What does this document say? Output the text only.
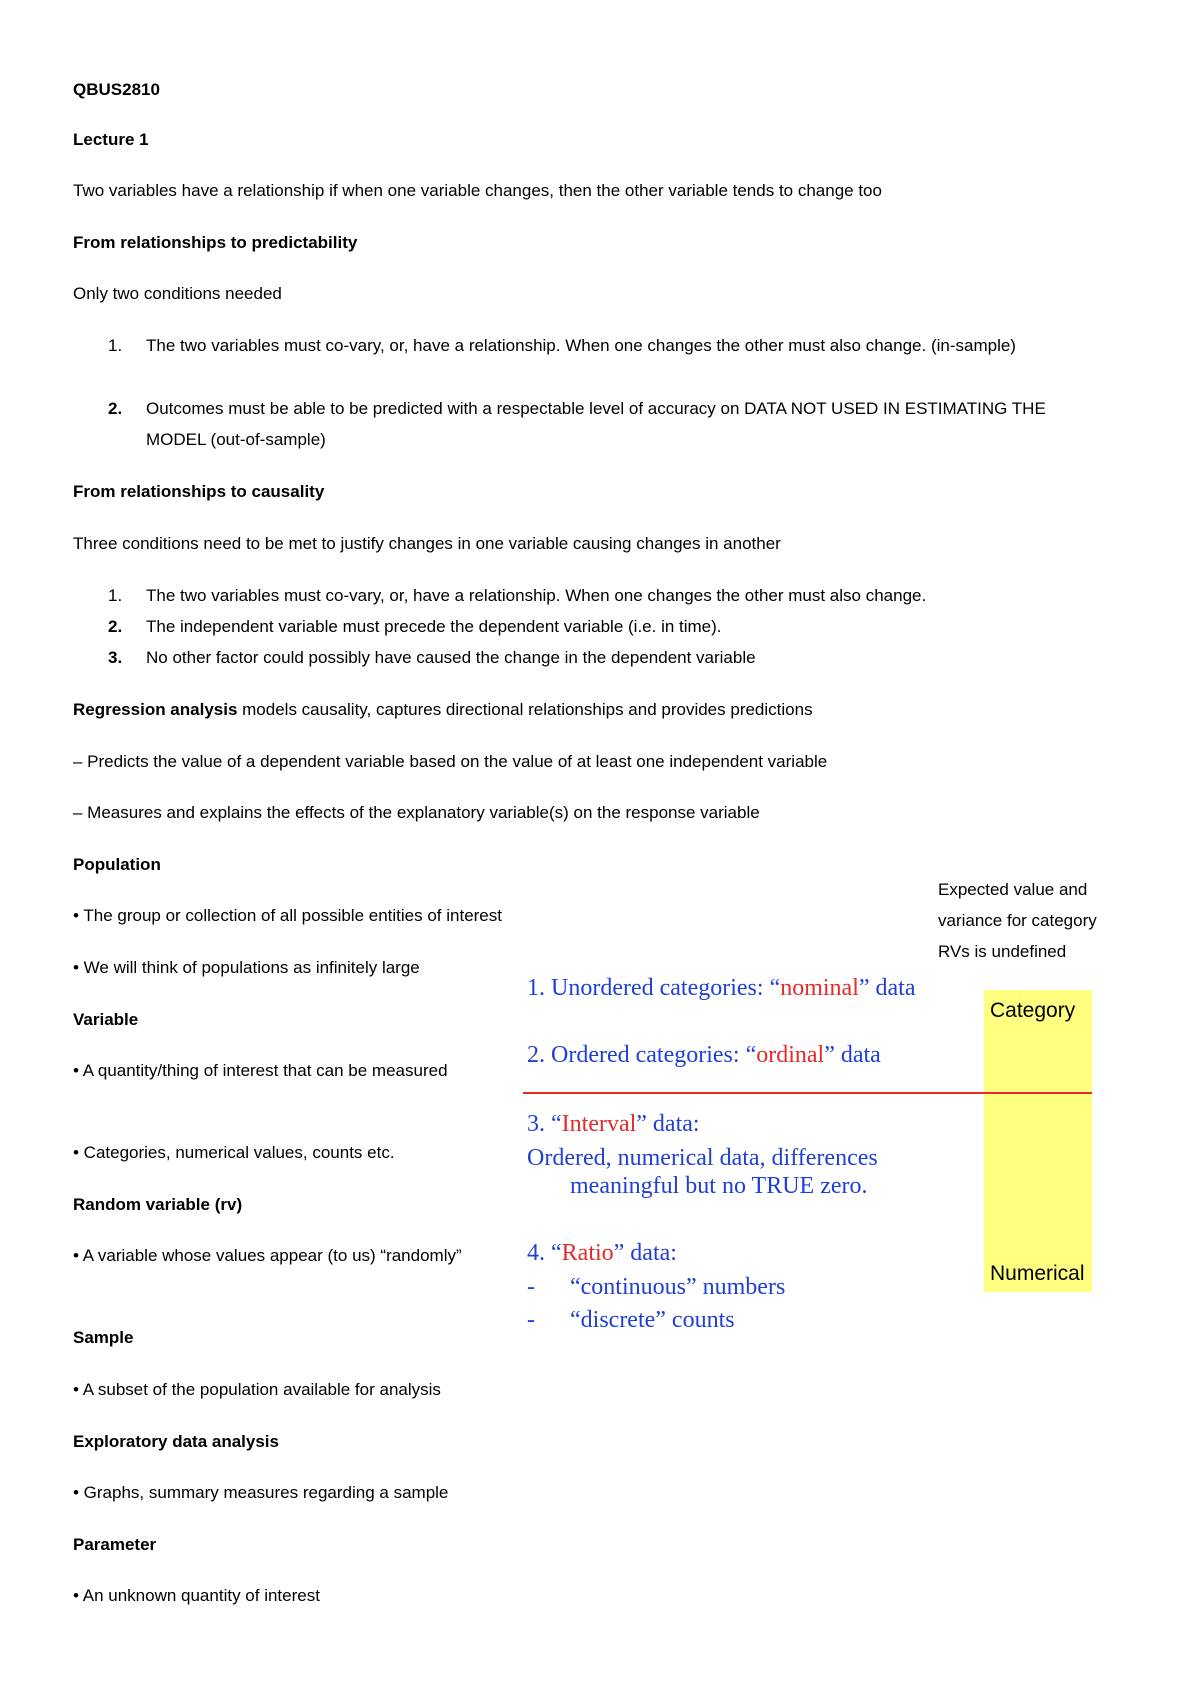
QBUS2810
Lecture 1
Two variables have a relationship if when one variable changes, then the other variable tends to change too
From relationships to predictability
Only two conditions needed
1. The two variables must co-vary, or, have a relationship. When one changes the other must also change. (in-sample)
2. Outcomes must be able to be predicted with a respectable level of accuracy on DATA NOT USED IN ESTIMATING THE MODEL (out-of-sample)
From relationships to causality
Three conditions need to be met to justify changes in one variable causing changes in another
1. The two variables must co-vary, or, have a relationship. When one changes the other must also change.
2. The independent variable must precede the dependent variable (i.e. in time).
3. No other factor could possibly have caused the change in the dependent variable
Regression analysis models causality, captures directional relationships and provides predictions
– Predicts the value of a dependent variable based on the value of at least one independent variable
– Measures and explains the effects of the explanatory variable(s) on the response variable
Population
• The group or collection of all possible entities of interest
• We will think of populations as infinitely large
Variable
• A quantity/thing of interest that can be measured
• Categories, numerical values, counts etc.
Random variable (rv)
• A variable whose values appear (to us) “randomly”
Sample
• A subset of the population available for analysis
Exploratory data analysis
• Graphs, summary measures regarding a sample
Parameter
• An unknown quantity of interest
Category
Numerical
Expected value and variance for category RVs is undefined
1. Unordered categories: “nominal” data
2. Ordered categories: “ordinal” data
3. “Interval” data:
Ordered, numerical data, differences
meaningful but no TRUE zero.
4. “Ratio” data:
- “continuous” numbers
- “discrete” counts
